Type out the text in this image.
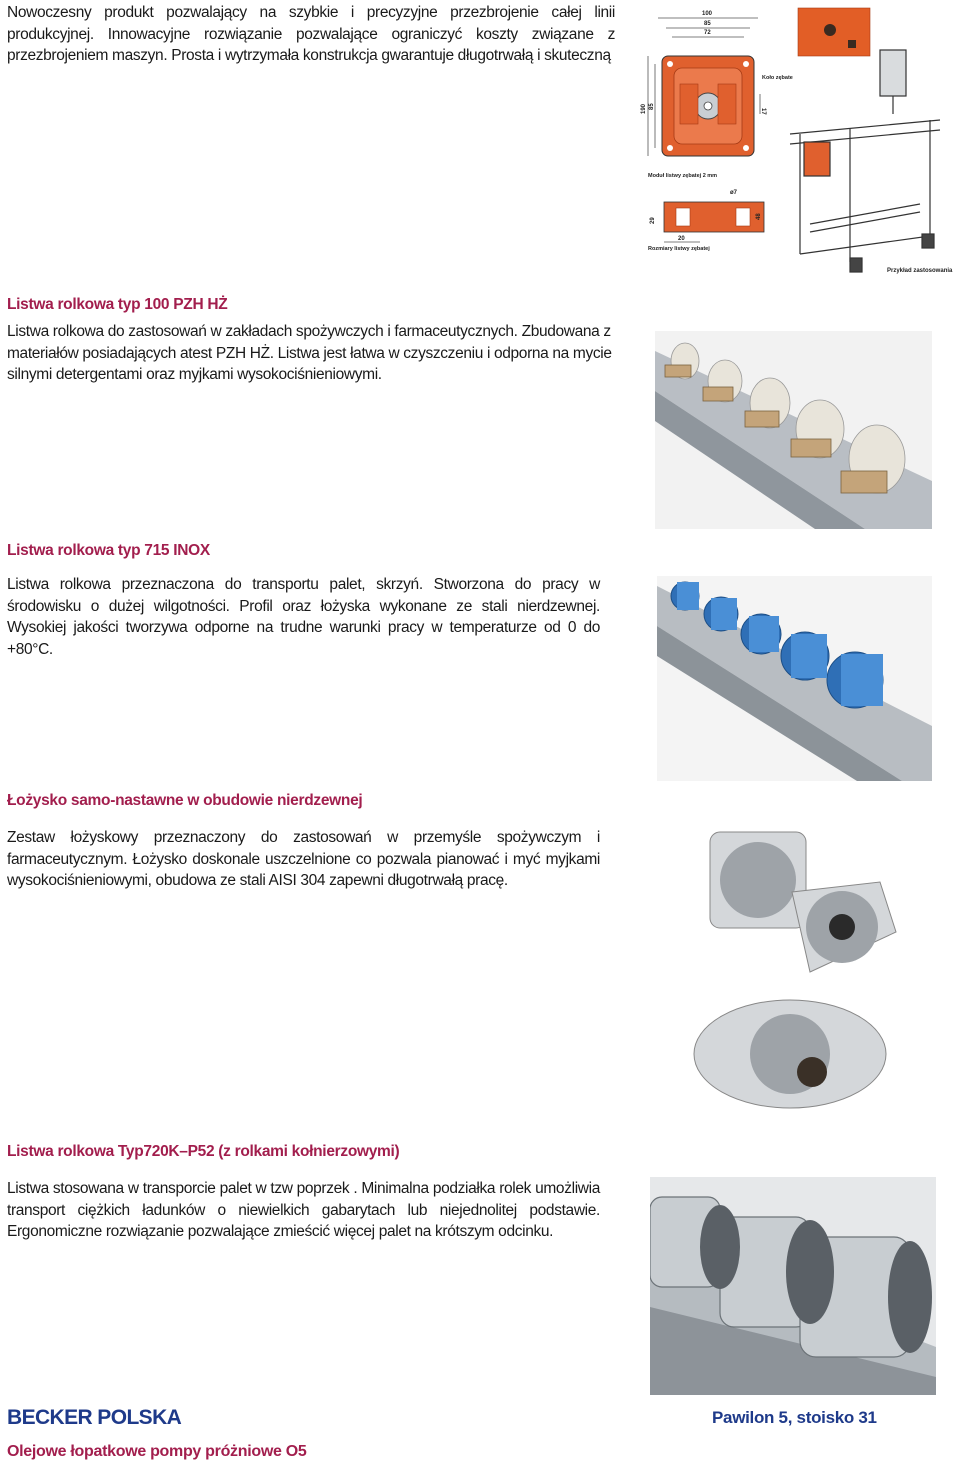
Nowoczesny produkt pozwalający na szybkie i precyzyjne przezbrojenie całej linii produkcyjnej. Innowacyjne rozwiązanie pozwalające ograniczyć koszty związane z przezbrojeniem maszyn. Prosta i wytrzymała konstrukcja gwarantuje długotrwałą i skuteczną

100
85
72
190 85
17
Moduł listwy zębatej 2 mm
Koło zębate
20
ø7
29
48
Rozmiary listwy zębatej
Przykład zastosowania
Listwa rolkowa typ 100 PZH HŻ

Listwa rolkowa do zastosowań w zakładach spożywczych i farmaceutycznych. Zbudowana z materiałów posiadających atest PZH HŻ. Listwa jest łatwa w czyszczeniu i odporna na mycie silnymi detergentami oraz myjkami wysokociśnieniowymi.

Listwa rolkowa typ 715 INOX

Listwa rolkowa przeznaczona do transportu palet, skrzyń. Stworzona do pracy w środowisku o dużej wilgotności. Profil oraz łożyska wykonane ze stali nierdzewnej. Wysokiej jakości tworzywa odporne na trudne warunki pracy w temperaturze od 0 do +80°C.

Łożysko samo-nastawne w obudowie nierdzewnej

Zestaw łożyskowy przeznaczony do zastosowań w przemyśle spożywczym i farmaceutycznym. Łożysko doskonale uszczelnione co pozwala pianować i myć myjkami wysokociśnieniowymi, obudowa ze stali AISI 304 zapewni długotrwałą pracę.

Listwa rolkowa Typ720K–P52 (z rolkami kołnierzowymi)

Listwa stosowana w transporcie palet w tzw poprzek . Minimalna podziałka rolek umożliwia transport ciężkich ładunków o niewielkich gabarytach lub niejednolitej podstawie. Ergonomiczne rozwiązanie pozwalające zmieścić więcej palet na krótszym odcinku.

BECKER POLSKA	Pawilon 5, stoisko 31
Olejowe łopatkowe pompy próżniowe O5
